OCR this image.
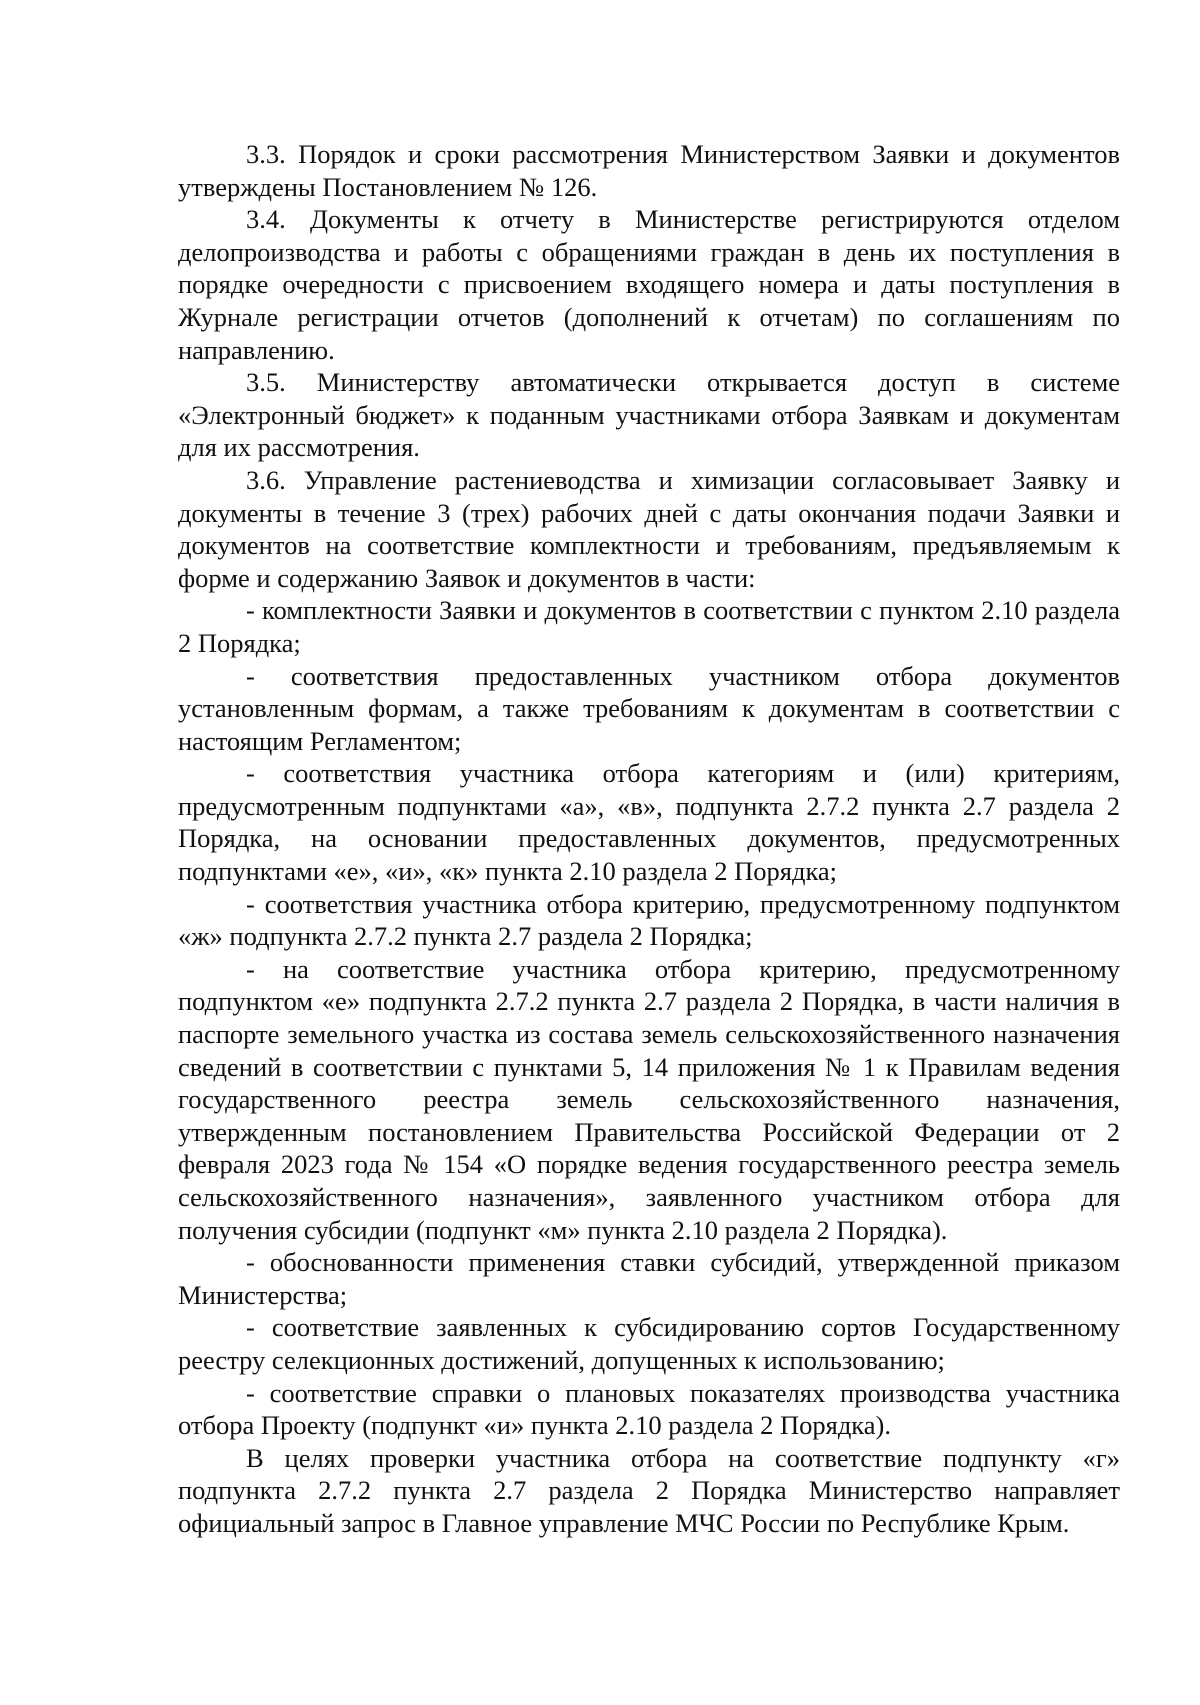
3.3. Порядок и сроки рассмотрения Министерством Заявки и документов утверждены Постановлением № 126.

3.4. Документы к отчету в Министерстве регистрируются отделом делопроизводства и работы с обращениями граждан в день их поступления в порядке очередности с присвоением входящего номера и даты поступления в Журнале регистрации отчетов (дополнений к отчетам) по соглашениям по направлению.

3.5. Министерству автоматически открывается доступ в системе «Электронный бюджет» к поданным участниками отбора Заявкам и документам для их рассмотрения.

3.6. Управление растениеводства и химизации согласовывает Заявку и документы в течение 3 (трех) рабочих дней с даты окончания подачи Заявки и документов на соответствие комплектности и требованиям, предъявляемым к форме и содержанию Заявок и документов в части:

- комплектности Заявки и документов в соответствии с пунктом 2.10 раздела 2 Порядка;

- соответствия предоставленных участником отбора документов установленным формам, а также требованиям к документам в соответствии с настоящим Регламентом;

- соответствия участника отбора категориям и (или) критериям, предусмотренным подпунктами «а», «в», подпункта 2.7.2 пункта 2.7 раздела 2 Порядка, на основании предоставленных документов, предусмотренных подпунктами «е», «и», «к» пункта 2.10 раздела 2 Порядка;

- соответствия участника отбора критерию, предусмотренному подпунктом «ж» подпункта 2.7.2 пункта 2.7 раздела 2 Порядка;

- на соответствие участника отбора критерию, предусмотренному подпунктом «е» подпункта 2.7.2 пункта 2.7 раздела 2 Порядка, в части наличия в паспорте земельного участка из состава земель сельскохозяйственного назначения сведений в соответствии с пунктами 5, 14 приложения № 1 к Правилам ведения государственного реестра земель сельскохозяйственного назначения, утвержденным постановлением Правительства Российской Федерации от 2 февраля 2023 года № 154 «О порядке ведения государственного реестра земель сельскохозяйственного назначения», заявленного участником отбора для получения субсидии (подпункт «м» пункта 2.10 раздела 2 Порядка).

- обоснованности применения ставки субсидий, утвержденной приказом Министерства;

- соответствие заявленных к субсидированию сортов Государственному реестру селекционных достижений, допущенных к использованию;

- соответствие справки о плановых показателях производства участника отбора Проекту (подпункт «и» пункта 2.10 раздела 2 Порядка).

В целях проверки участника отбора на соответствие подпункту «г» подпункта 2.7.2 пункта 2.7 раздела 2 Порядка Министерство направляет официальный запрос в Главное управление МЧС России по Республике Крым.
